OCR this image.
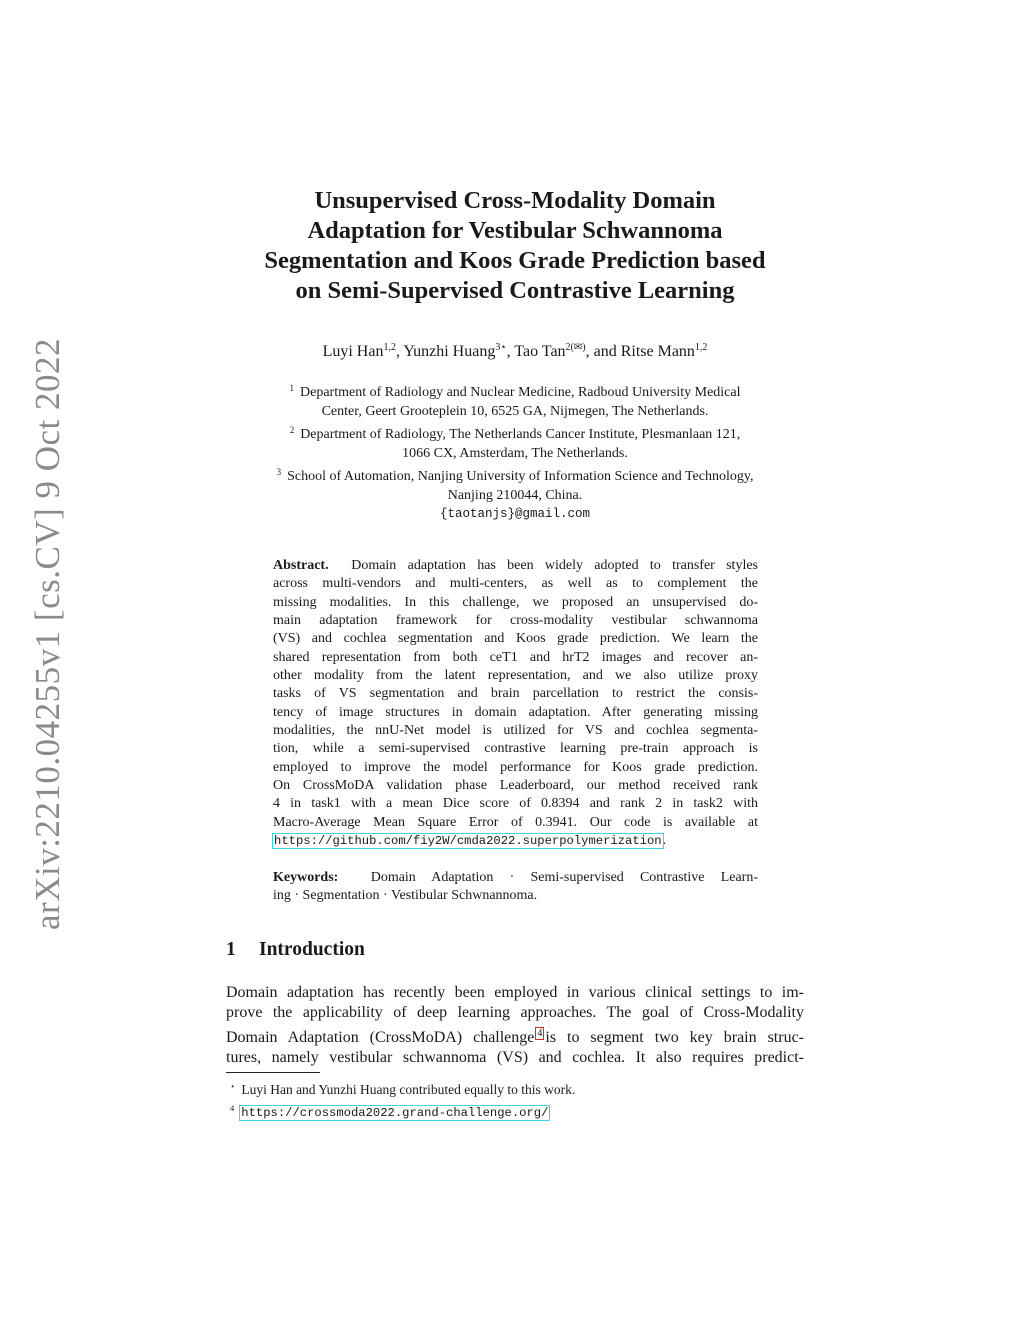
arXiv:2210.04255v1 [cs.CV] 9 Oct 2022
Unsupervised Cross-Modality Domain
Adaptation for Vestibular Schwannoma
Segmentation and Koos Grade Prediction based
on Semi-Supervised Contrastive Learning
Luyi Han$^{1,2}$, Yunzhi Huang$^{3⋆}$, Tao Tan$^{2(✉)}$, and Ritse Mann$^{1,2}$
$^1$ Department of Radiology and Nuclear Medicine, Radboud University Medical
Center, Geert Grooteplein 10, 6525 GA, Nijmegen, The Netherlands.
$^2$ Department of Radiology, The Netherlands Cancer Institute, Plesmanlaan 121,
1066 CX, Amsterdam, The Netherlands.
$^3$ School of Automation, Nanjing University of Information Science and Technology,
Nanjing 210044, China.
{taotanjs}@gmail.com
Abstract. Domain adaptation has been widely adopted to transfer styles
across multi-vendors and multi-centers, as well as to complement the
missing modalities. In this challenge, we proposed an unsupervised do-
main adaptation framework for cross-modality vestibular schwannoma
(VS) and cochlea segmentation and Koos grade prediction. We learn the
shared representation from both ceT1 and hrT2 images and recover an-
other modality from the latent representation, and we also utilize proxy
tasks of VS segmentation and brain parcellation to restrict the consis-
tency of image structures in domain adaptation. After generating missing
modalities, the nnU-Net model is utilized for VS and cochlea segmenta-
tion, while a semi-supervised contrastive learning pre-train approach is
employed to improve the model performance for Koos grade prediction.
On CrossMoDA validation phase Leaderboard, our method received rank
4 in task1 with a mean Dice score of 0.8394 and rank 2 in task2 with
Macro-Average Mean Square Error of 0.3941. Our code is available at
https://github.com/fiy2W/cmda2022.superpolymerization.
Keywords: Domain Adaptation · Semi-supervised Contrastive Learn-
ing · Segmentation · Vestibular Schwnannoma.
1 Introduction
Domain adaptation has recently been employed in various clinical settings to im-
prove the applicability of deep learning approaches. The goal of Cross-Modality
Domain Adaptation (CrossMoDA) challenge $^4$ is to segment two key brain struc-
tures, namely vestibular schwannoma (VS) and cochlea. It also requires predict-
⋆ Luyi Han and Yunzhi Huang contributed equally to this work.
$^4$ https://crossmoda2022.grand-challenge.org/
